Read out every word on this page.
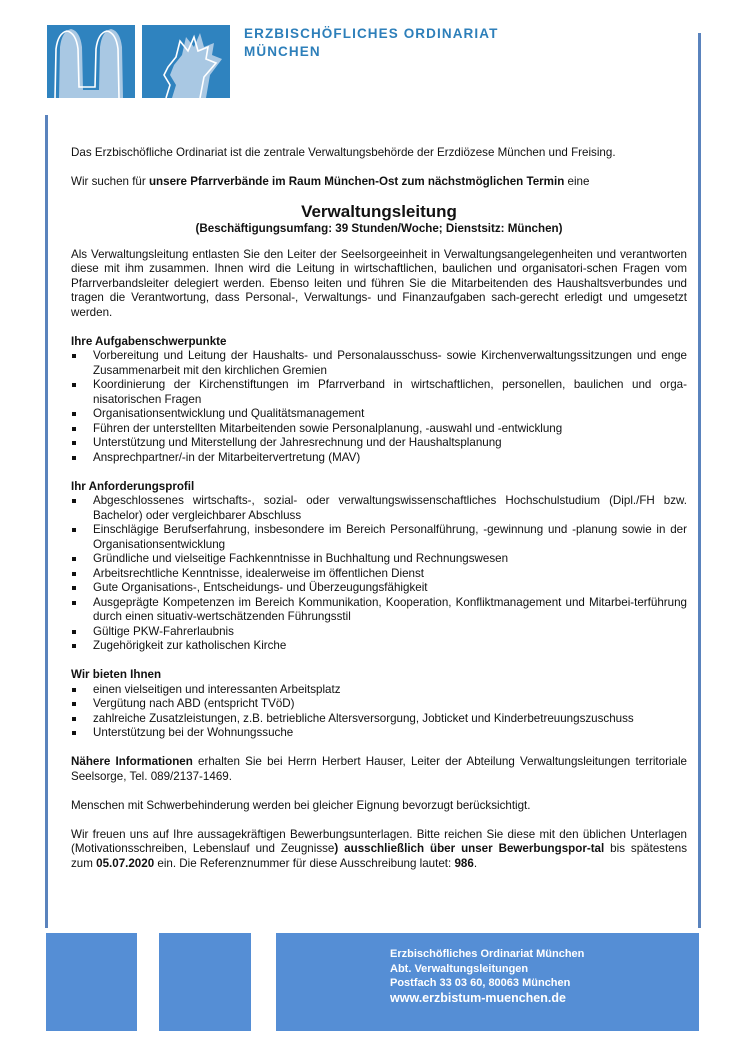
ERZBISCHÖFLICHES ORDINARIAT
MÜNCHEN

Das Erzbischöfliche Ordinariat ist die zentrale Verwaltungsbehörde der Erzdiözese München und Freising.

Wir suchen für unsere Pfarrverbände im Raum München-Ost zum nächstmöglichen Termin eine

Verwaltungsleitung
(Beschäftigungsumfang: 39 Stunden/Woche; Dienstsitz: München)

Als Verwaltungsleitung entlasten Sie den Leiter der Seelsorgeeinheit in Verwaltungsangelegenheiten und verantworten diese mit ihm zusammen. Ihnen wird die Leitung in wirtschaftlichen, baulichen und organisatori-schen Fragen vom Pfarrverbandsleiter delegiert werden. Ebenso leiten und führen Sie die Mitarbeitenden des Haushaltsverbundes und tragen die Verantwortung, dass Personal-, Verwaltungs- und Finanzaufgaben sach-gerecht erledigt und umgesetzt werden.

Ihre Aufgabenschwerpunkte
Vorbereitung und Leitung der Haushalts- und Personalausschuss- sowie Kirchenverwaltungssitzungen und enge Zusammenarbeit mit den kirchlichen Gremien
Koordinierung der Kirchenstiftungen im Pfarrverband in wirtschaftlichen, personellen, baulichen und orga-nisatorischen Fragen
Organisationsentwicklung und Qualitätsmanagement
Führen der unterstellten Mitarbeitenden sowie Personalplanung, -auswahl und -entwicklung
Unterstützung und Miterstellung der Jahresrechnung und der Haushaltsplanung
Ansprechpartner/-in der Mitarbeitervertretung (MAV)
Ihr Anforderungsprofil
Abgeschlossenes wirtschafts-, sozial- oder verwaltungswissenschaftliches Hochschulstudium (Dipl./FH bzw. Bachelor) oder vergleichbarer Abschluss
Einschlägige Berufserfahrung, insbesondere im Bereich Personalführung, -gewinnung und -planung sowie in der Organisationsentwicklung
Gründliche und vielseitige Fachkenntnisse in Buchhaltung und Rechnungswesen
Arbeitsrechtliche Kenntnisse, idealerweise im öffentlichen Dienst
Gute Organisations-, Entscheidungs- und Überzeugungsfähigkeit
Ausgeprägte Kompetenzen im Bereich Kommunikation, Kooperation, Konfliktmanagement und Mitarbei-terführung durch einen situativ-wertschätzenden Führungsstil
Gültige PKW-Fahrerlaubnis
Zugehörigkeit zur katholischen Kirche
Wir bieten Ihnen
einen vielseitigen und interessanten Arbeitsplatz
Vergütung nach ABD (entspricht TVöD)
zahlreiche Zusatzleistungen, z.B. betriebliche Altersversorgung, Jobticket und Kinderbetreuungszuschuss
Unterstützung bei der Wohnungssuche

Nähere Informationen erhalten Sie bei Herrn Herbert Hauser, Leiter der Abteilung Verwaltungsleitungen territoriale Seelsorge, Tel. 089/2137-1469.

Menschen mit Schwerbehinderung werden bei gleicher Eignung bevorzugt berücksichtigt.

Wir freuen uns auf Ihre aussagekräftigen Bewerbungsunterlagen. Bitte reichen Sie diese mit den üblichen Unterlagen (Motivationsschreiben, Lebenslauf und Zeugnisse) ausschließlich über unser Bewerbungspor-tal bis spätestens zum 05.07.2020 ein. Die Referenznummer für diese Ausschreibung lautet: 986.

Erzbischöfliches Ordinariat München
Abt. Verwaltungsleitungen
Postfach 33 03 60, 80063 München
www.erzbistum-muenchen.de
